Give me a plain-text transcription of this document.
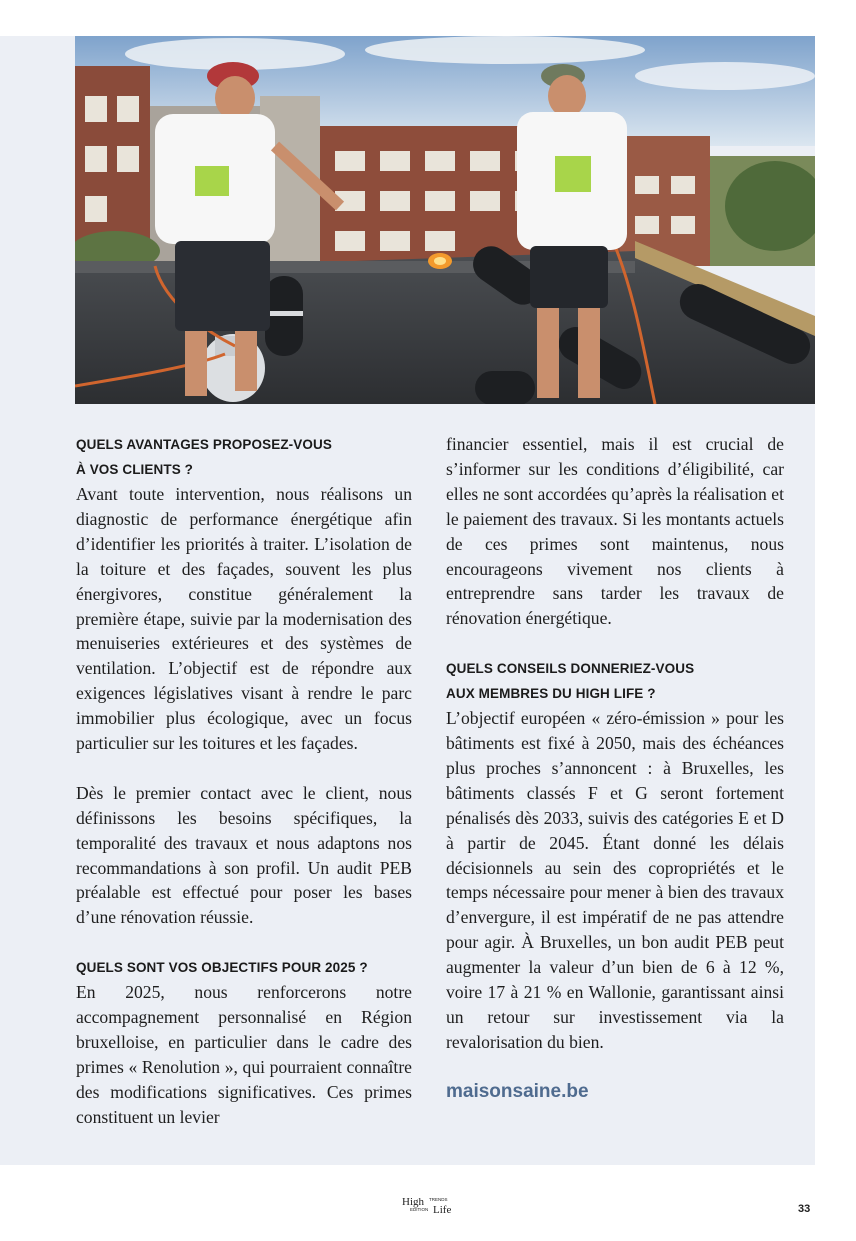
QUELS AVANTAGES PROPOSEZ-VOUS
À VOS CLIENTS ?

Avant toute intervention, nous réalisons un diagnostic de performance énergétique afin d’identifier les priorités à traiter. L’isolation de la toiture et des façades, souvent les plus énergivores, constitue généralement la première étape, suivie par la modernisation des menuiseries extérieures et des systèmes de ventilation. L’objectif est de répondre aux exigences législatives visant à rendre le parc immobilier plus écologique, avec un focus particulier sur les toitures et les façades.

Dès le premier contact avec le client, nous définissons les besoins spécifiques, la temporalité des travaux et nous adaptons nos recommandations à son profil. Un audit PEB préalable est effectué pour poser les bases d’une rénovation réussie.

QUELS SONT VOS OBJECTIFS POUR 2025 ?

En 2025, nous renforcerons notre accompagnement personnalisé en Région bruxelloise, en particulier dans le cadre des primes « Renolution », qui pourraient connaître des modifications significatives. Ces primes constituent un levier

financier essentiel, mais il est crucial de s’informer sur les conditions d’éligibilité, car elles ne sont accordées qu’après la réalisation et le paiement des travaux. Si les montants actuels de ces primes sont maintenus, nous encourageons vivement nos clients à entreprendre sans tarder les travaux de rénovation énergétique.

QUELS CONSEILS DONNERIEZ-VOUS
AUX MEMBRES DU HIGH LIFE ?

L’objectif européen « zéro-émission » pour les bâtiments est fixé à 2050, mais des échéances plus proches s’annoncent : à Bruxelles, les bâtiments classés F et G seront fortement pénalisés dès 2033, suivis des catégories E et D à partir de 2045. Étant donné les délais décisionnels au sein des copropriétés et le temps nécessaire pour mener à bien des travaux d’envergure, il est impératif de ne pas attendre pour agir. À Bruxelles, un bon audit PEB peut augmenter la valeur d’un bien de 6 à 12 %, voire 17 à 21 % en Wallonie, garantissant ainsi un retour sur investissement via la revalorisation du bien.

maisonsaine.be
High TRENDS
EDITION Life	33
